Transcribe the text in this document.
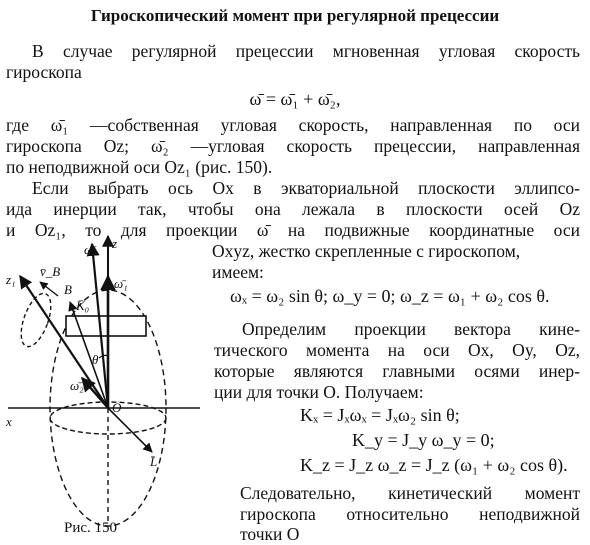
Гироскопический момент при регулярной прецессии
В случае регулярной прецессии мгновенная угловая скорость
гироскопа
ω̄ = ω̄₁ + ω̄₂,
где ω̄₁ —собственная угловая скорость, направленная по оси
гироскопа Oz; ω̄₂ —угловая скорость прецессии, направленная
по неподвижной оси Oz₁ (рис. 150).
Если выбрать ось Ox в экваториальной плоскости эллипсо-
ида инерции так, чтобы она лежала в плоскости осей Oz
и Oz₁, то для проекции ω̄ на подвижные координатные оси
Oxyz, жестко скрепленные с гироскопом,
имеем:
ωₓ = ω₂ sin θ; ω_y = 0; ω_z = ω₁ + ω₂ cos θ.
Определим проекции вектора кине-
тического момента на оси Ox, Oy, Oz,
которые являются главными осями инер-
ции для точки O. Получаем:
Kₓ = Jₓωₓ = Jₓω₂ sin θ;
K_y = J_y ω_y = 0;
K_z = J_z ω_z = J_z (ω₁ + ω₂ cos θ).
Следовательно, кинетический момент
гироскопа относительно неподвижной
точки O
ω̄	z
ω̄₁
z₁
v̄_B
B
K̄₀
θ
ω̄₂
O
x
L̄
Рис. 150
